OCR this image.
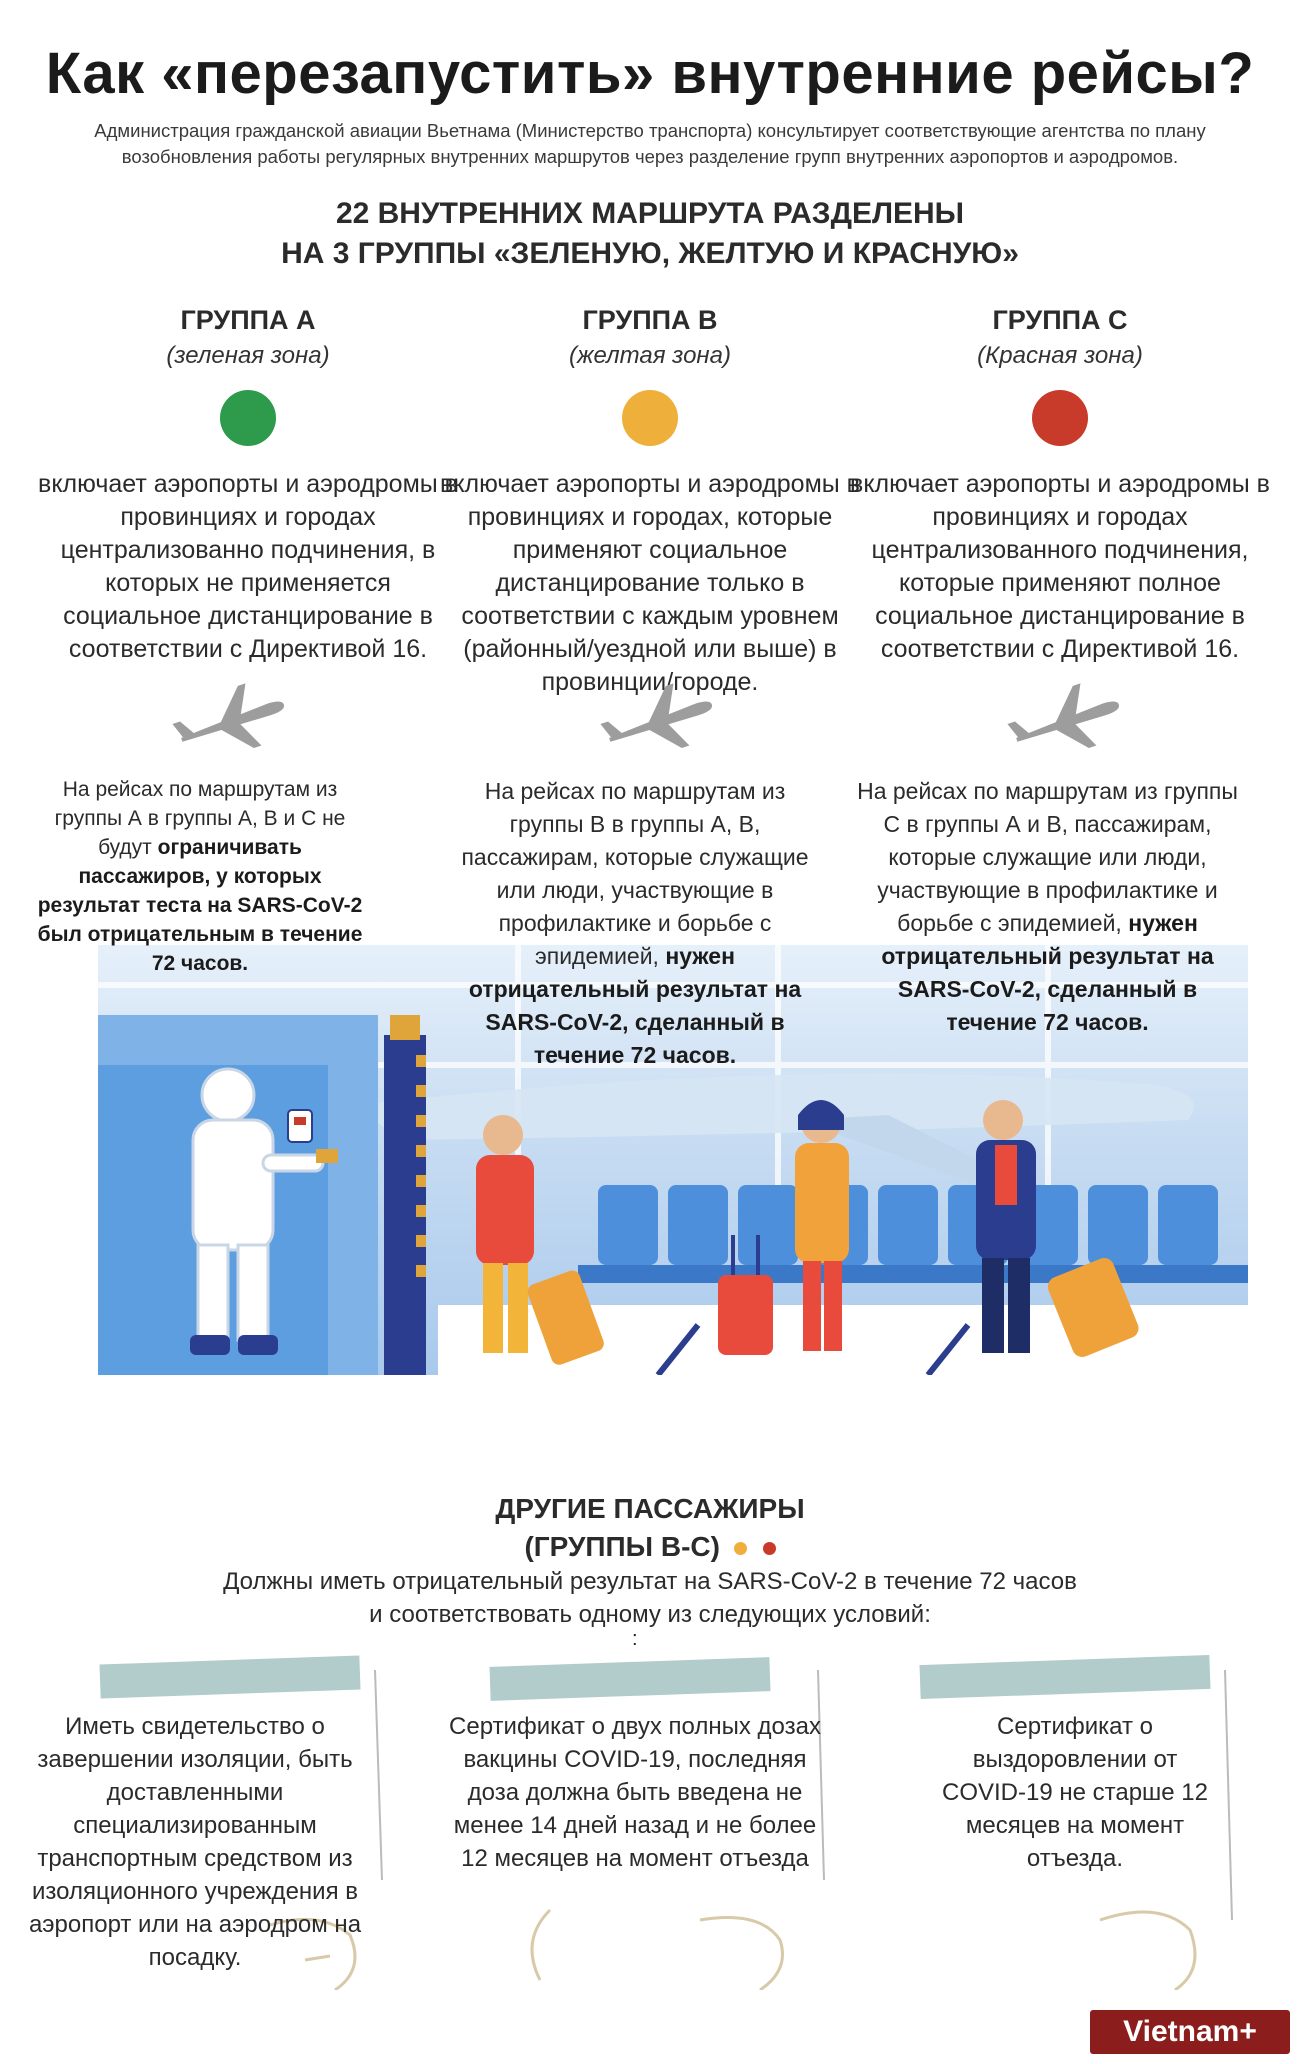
Как «перезапустить» внутренние рейсы?
Администрация гражданской авиации Вьетнама (Министерство транспорта) консультирует соответствующие агентства по плану возобновления работы регулярных внутренних маршрутов через разделение групп внутренних аэропортов и аэродромов.
22 ВНУТРЕННИХ МАРШРУТА РАЗДЕЛЕНЫ
НА 3 ГРУППЫ «ЗЕЛЕНУЮ, ЖЕЛТУЮ И КРАСНУЮ»
ГРУППА А
(зеленая зона)
включает аэропорты и аэродромы в провинциях и городах централизованно подчинения, в которых не применяется социальное дистанцирование в соответствии с Директивой 16.
ГРУППА В
(желтая зона)
включает аэропорты и аэродромы в провинциях и городах, которые применяют социальное дистанцирование только в соответствии с каждым уровнем (районный/уездной или выше) в провинции/городе.
ГРУППА С
(Красная зона)
включает аэропорты и аэродромы в провинциях и городах централизованного подчинения, которые применяют полное социальное дистанцирование в соответствии с Директивой 16.
На рейсах по маршрутам из группы А в группы А, В и С не будут ограничивать пассажиров, у которых результат теста на SARS-CoV-2 был отрицательным в течение 72 часов.
На рейсах по маршрутам из группы В в группы А, В, пассажирам, которые служащие или люди, участвующие в профилактике и борьбе с эпидемией, нужен отрицательный результат на SARS-CoV-2, сделанный в течение 72 часов.
На рейсах по маршрутам из группы С в группы А и В, пассажирам, которые служащие или люди, участвующие в профилактике и борьбе с эпидемией, нужен отрицательный результат на SARS-CoV-2, сделанный в течение 72 часов.
ДРУГИЕ ПАССАЖИРЫ
(ГРУППЫ В-С)
Должны иметь отрицательный результат на SARS-CoV-2 в течение 72 часов
и соответствовать одному из следующих условий:
:
Иметь свидетельство о завершении изоляции, быть доставленными специализированным транспортным средством из изоляционного учреждения в аэропорт или на аэродром на посадку.
Сертификат о двух полных дозах вакцины COVID-19, последняя доза должна быть введена не менее 14 дней назад и не более 12 месяцев на момент отъезда
Сертификат о выздоровлении от COVID-19 не старше 12 месяцев на момент отъезда.
Vietnam+
